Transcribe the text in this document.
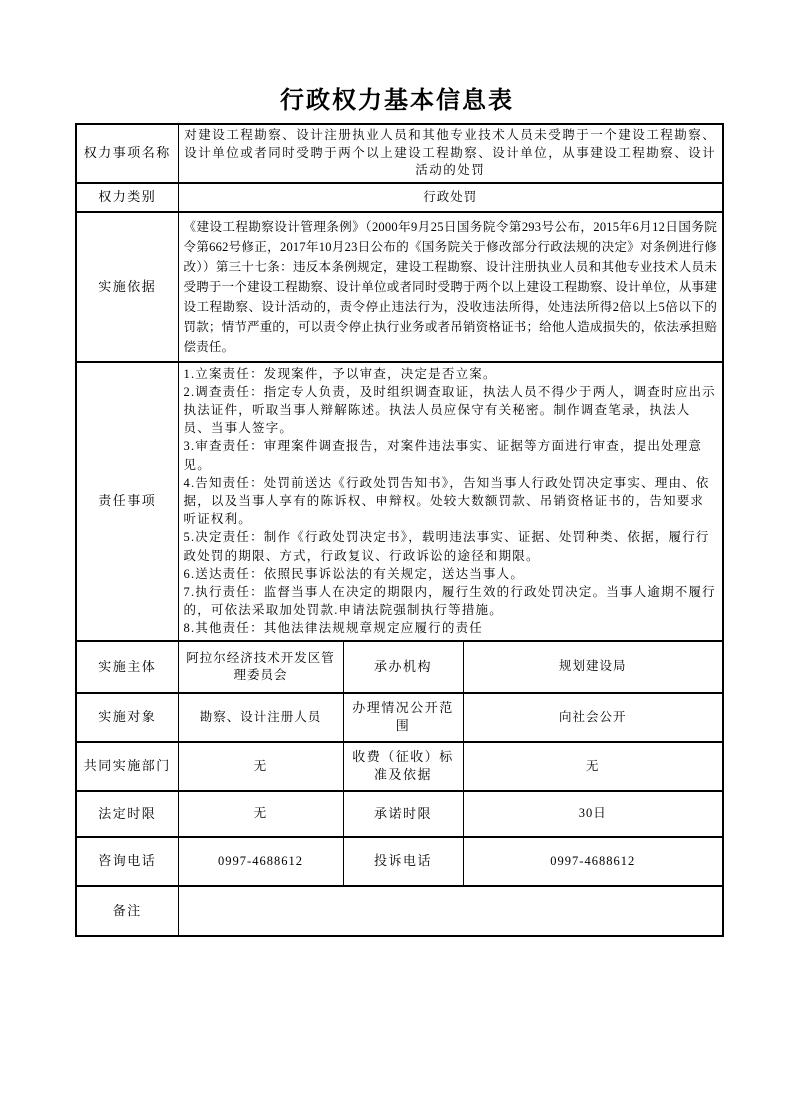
行政权力基本信息表
权力事项名称	对建设工程勘察、设计注册执业人员和其他专业技术人员未受聘于一个建设工程勘察、设计单位或者同时受聘于两个以上建设工程勘察、设计单位，从事建设工程勘察、设计活动的处罚		
权力类别	行政处罚		
实施依据	《建设工程勘察设计管理条例》（2000年9月25日国务院令第293号公布，2015年6月12日国务院令第662号修正，2017年10月23日公布的《国务院关于修改部分行政法规的决定》对条例进行修改））第三十七条：违反本条例规定，建设工程勘察、设计注册执业人员和其他专业技术人员未受聘于一个建设工程勘察、设计单位或者同时受聘于两个以上建设工程勘察、设计单位，从事建设工程勘察、设计活动的，责令停止违法行为，没收违法所得，处违法所得2倍以上5倍以下的罚款；情节严重的，可以责令停止执行业务或者吊销资格证书；给他人造成损失的，依法承担赔偿责任。		
责任事项	
1.立案责任：发现案件，予以审查，决定是否立案。
2.调查责任：指定专人负责，及时组织调查取证，执法人员不得少于两人，调查时应出示执法证件，听取当事人辩解陈述。执法人员应保守有关秘密。制作调查笔录，执法人员、当事人签字。
3.审查责任：审理案件调查报告，对案件违法事实、证据等方面进行审查，提出处理意见。
4.告知责任：处罚前送达《行政处罚告知书》，告知当事人行政处罚决定事实、理由、依据，以及当事人享有的陈诉权、申辩权。处较大数额罚款、吊销资格证书的，告知要求听证权利。
5.决定责任：制作《行政处罚决定书》，载明违法事实、证据、处罚种类、依据，履行行政处罚的期限、方式，行政复议、行政诉讼的途径和期限。
6.送达责任：依照民事诉讼法的有关规定，送达当事人。
7.执行责任：监督当事人在决定的期限内，履行生效的行政处罚决定。当事人逾期不履行的，可依法采取加处罚款.申请法院强制执行等措施。
8.其他责任：其他法律法规规章规定应履行的责任

实施主体	阿拉尔经济技术开发区管理委员会	承办机构	规划建设局
实施对象	勘察、设计注册人员	办理情况公开范围	向社会公开
共同实施部门	无	收费（征收）标准及依据	无
法定时限	无	承诺时限	30日
咨询电话	0997-4688612	投诉电话	0997-4688612
备注			
